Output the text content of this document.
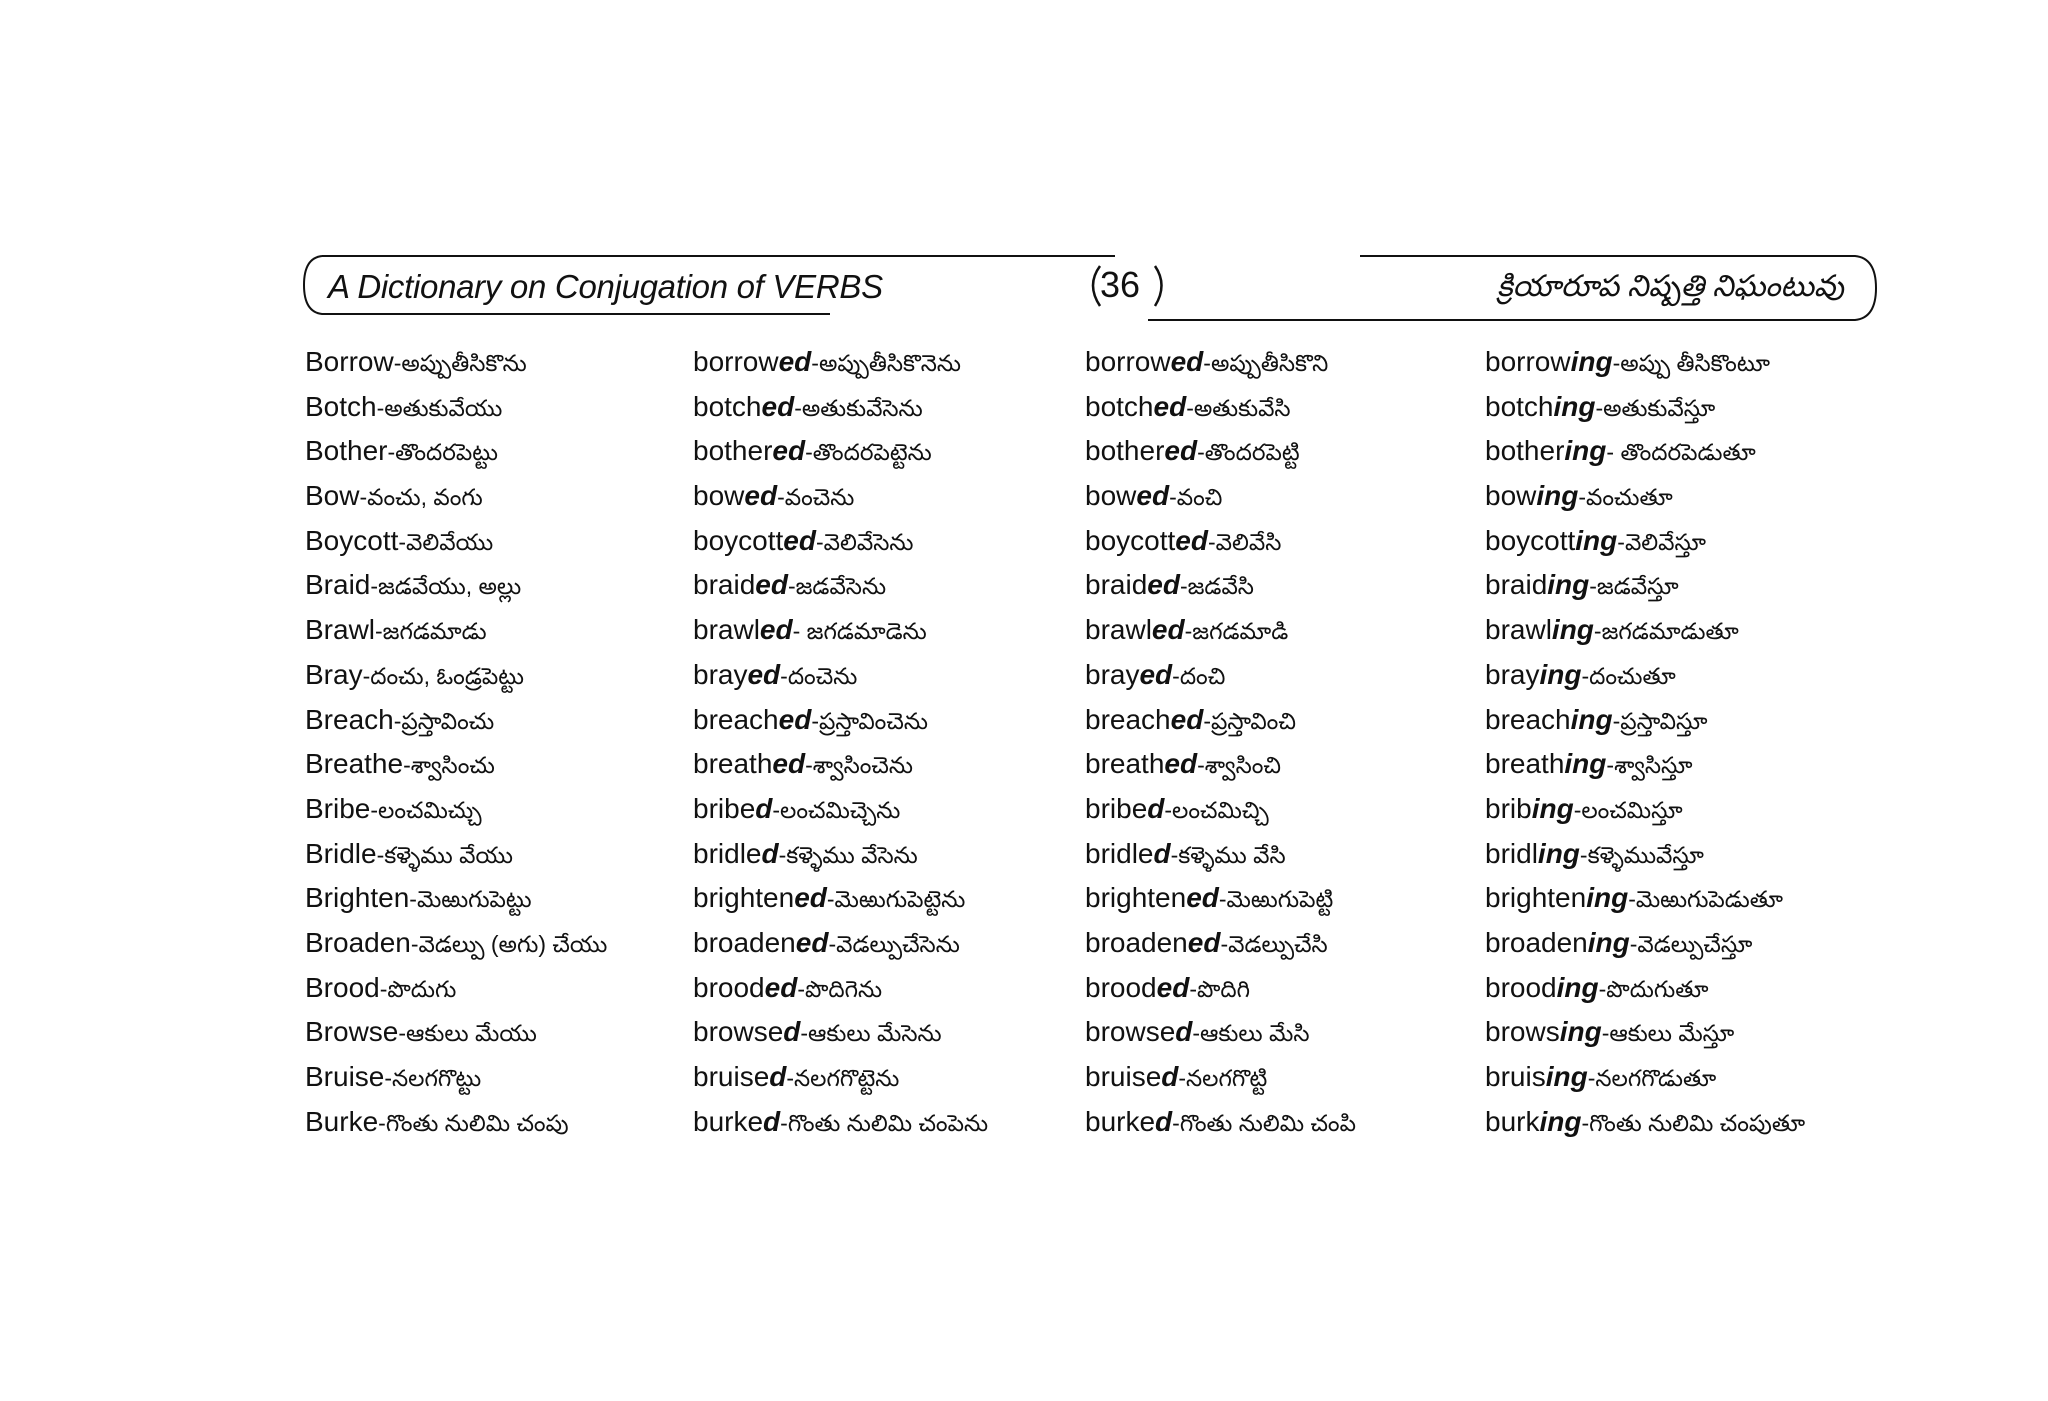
A Dictionary on Conjugation of VERBS	36	క్రియారూప నిష్పత్తి నిఘంటువు
Borrow-అప్పుతీసికొను
Botch-అతుకువేయు
Bother-తొందరపెట్టు
Bow-వంచు, వంగు
Boycott-వెలివేయు
Braid-జడవేయు, అల్లు
Brawl-జగడమాడు
Bray-దంచు, ఓండ్రపెట్టు
Breach-ప్రస్తావించు
Breathe-శ్వాసించు
Bribe-లంచమిచ్చు
Bridle-కళ్ళెము వేయు
Brighten-మెఱుగుపెట్టు
Broaden-వెడల్పు (అగు) చేయు
Brood-పొదుగు
Browse-ఆకులు మేయు
Bruise-నలగగొట్టు
Burke-గొంతు నులిమి చంపు
borrowed-అప్పుతీసికొనెను
botched-అతుకువేసెను
bothered-తొందరపెట్టెను
bowed-వంచెను
boycotted-వెలివేసెను
braided-జడవేసెను
brawled- జగడమాడెను
brayed-దంచెను
breached-ప్రస్తావించెను
breathed-శ్వాసించెను
bribed-లంచమిచ్చెను
bridled-కళ్ళెము వేసెను
brightened-మెఱుగుపెట్టెను
broadened-వెడల్పుచేసెను
brooded-పొదిగెను
browsed-ఆకులు మేసెను
bruised-నలగగొట్టెను
burked-గొంతు నులిమి చంపెను
borrowed-అప్పుతీసికొని
botched-అతుకువేసి
bothered-తొందరపెట్టి
bowed-వంచి
boycotted-వెలివేసి
braided-జడవేసి
brawled-జగడమాడి
brayed-దంచి
breached-ప్రస్తావించి
breathed-శ్వాసించి
bribed-లంచమిచ్చి
bridled-కళ్ళెము వేసి
brightened-మెఱుగుపెట్టి
broadened-వెడల్పుచేసి
brooded-పొదిగి
browsed-ఆకులు మేసి
bruised-నలగగొట్టి
burked-గొంతు నులిమి చంపి
borrowing-అప్పు తీసికొంటూ
botching-అతుకువేస్తూ
bothering- తొందరపెడుతూ
bowing-వంచుతూ
boycotting-వెలివేస్తూ
braiding-జడవేస్తూ
brawling-జగడమాడుతూ
braying-దంచుతూ
breaching-ప్రస్తావిస్తూ
breathing-శ్వాసిస్తూ
bribing-లంచమిస్తూ
bridling-కళ్ళెమువేస్తూ
brightening-మెఱుగుపెడుతూ
broadening-వెడల్పుచేస్తూ
brooding-పొదుగుతూ
browsing-ఆకులు మేస్తూ
bruising-నలగగొడుతూ
burking-గొంతు నులిమి చంపుతూ
